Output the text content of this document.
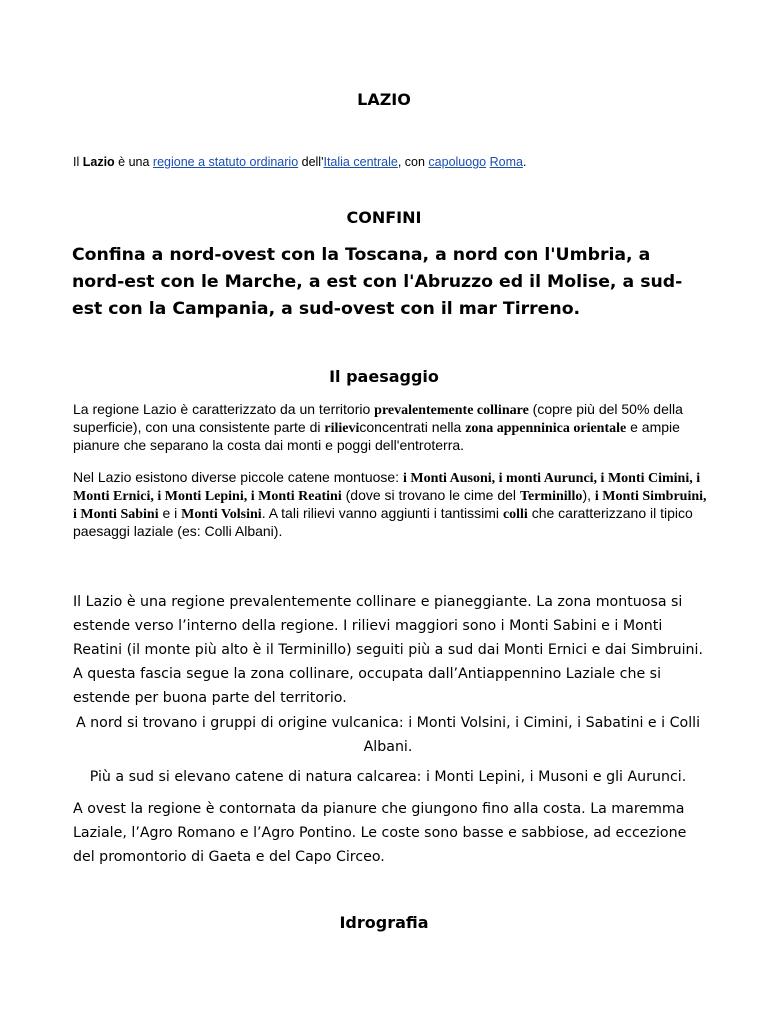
LAZIO
Il Lazio è una regione a statuto ordinario dell'Italia centrale, con capoluogo Roma.
CONFINI
Confina a nord-ovest con la Toscana, a nord con l'Umbria, a nord-est con le Marche, a est con l'Abruzzo ed il Molise, a sud-est con la Campania, a sud-ovest con il mar Tirreno.
Il paesaggio
La regione Lazio è caratterizzato da un territorio prevalentemente collinare (copre più del 50% della superficie), con una consistente parte di rilieviconcentrati nella zona appenninica orientale e ampie pianure che separano la costa dai monti e poggi dell'entroterra.
Nel Lazio esistono diverse piccole catene montuose: i Monti Ausoni, i monti Aurunci, i Monti Cimini, i Monti Ernici, i Monti Lepini, i Monti Reatini (dove si trovano le cime del Terminillo), i Monti Simbruini, i Monti Sabini e i Monti Volsini. A tali rilievi vanno aggiunti i tantissimi colli che caratterizzano il tipico paesaggi laziale (es: Colli Albani).
Il Lazio è una regione prevalentemente collinare e pianeggiante. La zona montuosa si estende verso l’interno della regione. I rilievi maggiori sono i Monti Sabini e i Monti Reatini (il monte più alto è il Terminillo) seguiti più a sud dai Monti Ernici e dai Simbruini. A questa fascia segue la zona collinare, occupata dall’Antiappennino Laziale che si estende per buona parte del territorio.
A nord si trovano i gruppi di origine vulcanica: i Monti Volsini, i Cimini, i Sabatini e i Colli Albani.
Più a sud si elevano catene di natura calcarea: i Monti Lepini, i Musoni e gli Aurunci.
A ovest la regione è contornata da pianure che giungono fino alla costa. La maremma Laziale, l’Agro Romano e l’Agro Pontino. Le coste sono basse e sabbiose, ad eccezione del promontorio di Gaeta e del Capo Circeo.
Idrografia
